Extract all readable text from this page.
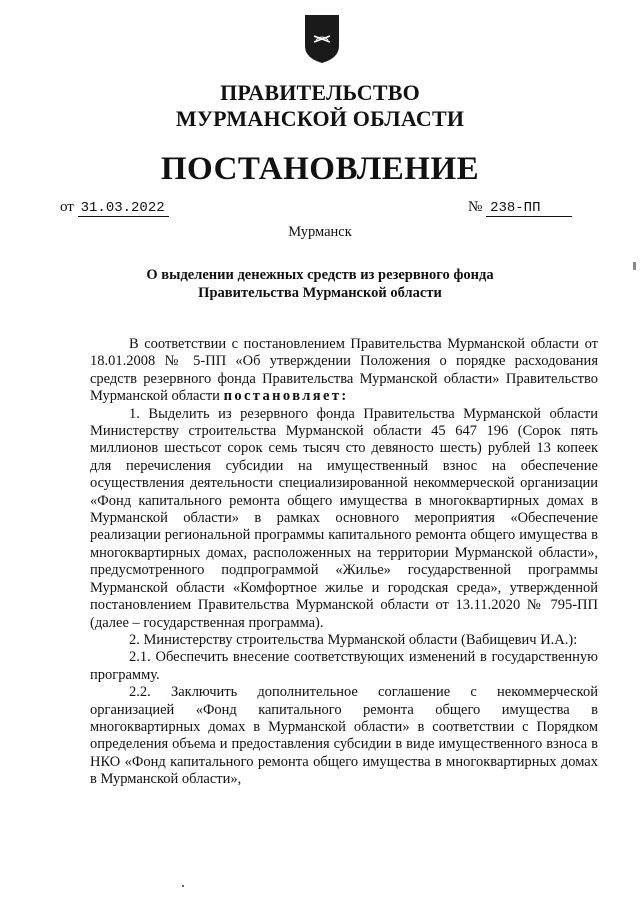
ПРАВИТЕЛЬСТВО
МУРМАНСКОЙ ОБЛАСТИ
ПОСТАНОВЛЕНИЕ
от 31.03.2022	№ 238-ПП
Мурманск
О выделении денежных средств из резервного фонда
Правительства Мурманской области

В соответствии с постановлением Правительства Мурманской области от 18.01.2008 № 5-ПП «Об утверждении Положения о порядке расходования средств резервного фонда Правительства Мурманской области» Правительство Мурманской области постановляет:

1. Выделить из резервного фонда Правительства Мурманской области Министерству строительства Мурманской области 45 647 196 (Сорок пять миллионов шестьсот сорок семь тысяч сто девяносто шесть) рублей 13 копеек для перечисления субсидии на имущественный взнос на обеспечение осуществления деятельности специализированной некоммерческой организации «Фонд капитального ремонта общего имущества в многоквартирных домах в Мурманской области» в рамках основного мероприятия «Обеспечение реализации региональной программы капитального ремонта общего имущества в многоквартирных домах, расположенных на территории Мурманской области», предусмотренного подпрограммой «Жилье» государственной программы Мурманской области «Комфортное жилье и городская среда», утвержденной постановлением Правительства Мурманской области от 13.11.2020 № 795-ПП (далее – государственная программа).

2. Министерству строительства Мурманской области (Вабищевич И.А.):

2.1. Обеспечить внесение соответствующих изменений в государственную программу.

2.2. Заключить дополнительное соглашение с некоммерческой организацией «Фонд капитального ремонта общего имущества в многоквартирных домах в Мурманской области» в соответствии с Порядком определения объема и предоставления субсидии в виде имущественного взноса в НКО «Фонд капитального ремонта общего имущества в многоквартирных домах в Мурманской области»,
